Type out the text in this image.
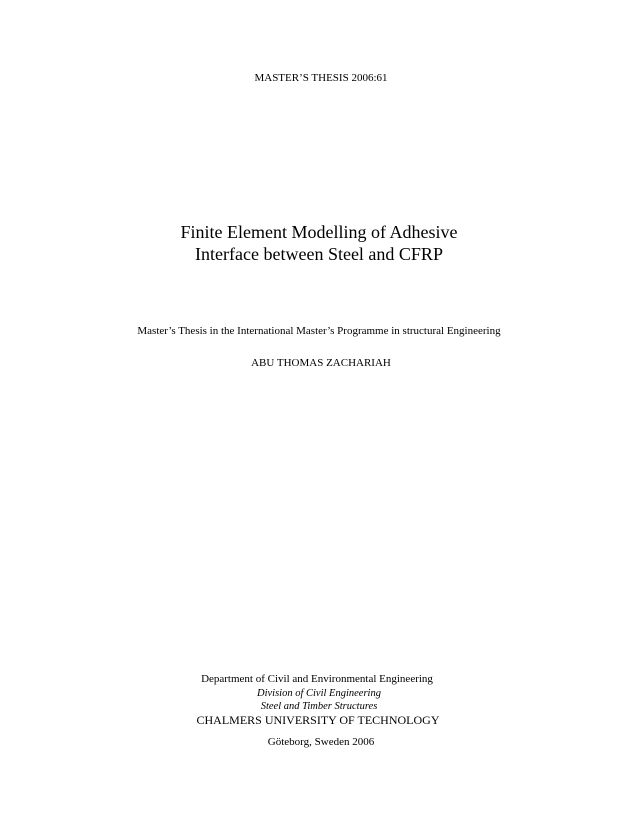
MASTER’S THESIS 2006:61
Finite Element Modelling of Adhesive
Interface between Steel and CFRP
Master’s Thesis in the International Master’s Programme in structural Engineering
ABU THOMAS ZACHARIAH
Department of Civil and Environmental Engineering
Division of Civil Engineering
Steel and Timber Structures
CHALMERS UNIVERSITY OF TECHNOLOGY
Göteborg, Sweden 2006
